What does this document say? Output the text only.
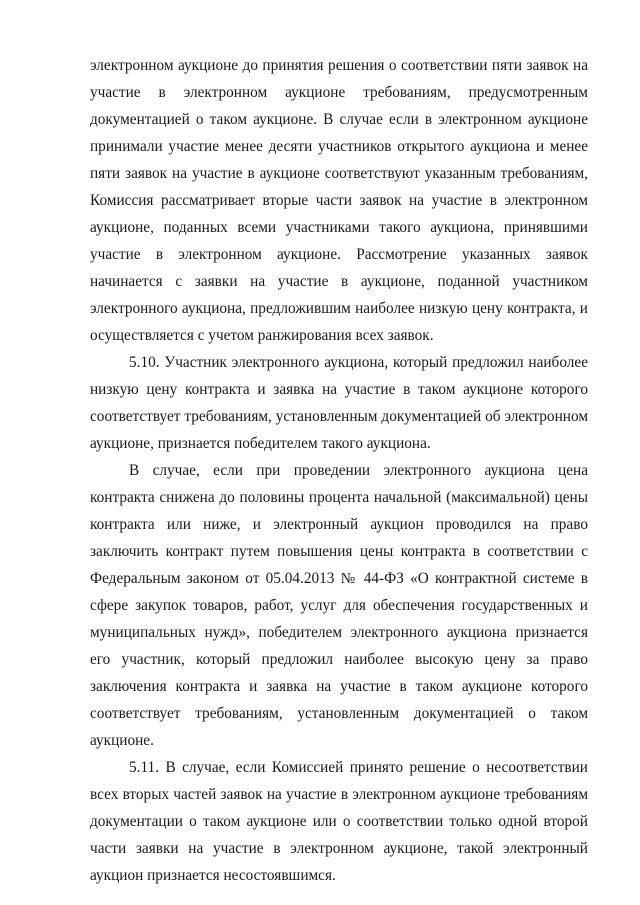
электронном аукционе до принятия решения о соответствии пяти заявок на участие в электронном аукционе требованиям, предусмотренным документацией о таком аукционе. В случае если в электронном аукционе принимали участие менее десяти участников открытого аукциона и менее пяти заявок на участие в аукционе соответствуют указанным требованиям, Комиссия рассматривает вторые части заявок на участие в электронном аукционе, поданных всеми участниками такого аукциона, принявшими участие в электронном аукционе. Рассмотрение указанных заявок начинается с заявки на участие в аукционе, поданной участником электронного аукциона, предложившим наиболее низкую цену контракта, и осуществляется с учетом ранжирования всех заявок.

5.10. Участник электронного аукциона, который предложил наиболее низкую цену контракта и заявка на участие в таком аукционе которого соответствует требованиям, установленным документацией об электронном аукционе, признается победителем такого аукциона.

В случае, если при проведении электронного аукциона цена контракта снижена до половины процента начальной (максимальной) цены контракта или ниже, и электронный аукцион проводился на право заключить контракт путем повышения цены контракта в соответствии с Федеральным законом от 05.04.2013 № 44-ФЗ «О контрактной системе в сфере закупок товаров, работ, услуг для обеспечения государственных и муниципальных нужд», победителем электронного аукциона признается его участник, который предложил наиболее высокую цену за право заключения контракта и заявка на участие в таком аукционе которого соответствует требованиям, установленным документацией о таком аукционе.

5.11. В случае, если Комиссией принято решение о несоответствии всех вторых частей заявок на участие в электронном аукционе требованиям документации о таком аукционе или о соответствии только одной второй части заявки на участие в электронном аукционе, такой электронный аукцион признается несостоявшимся.
